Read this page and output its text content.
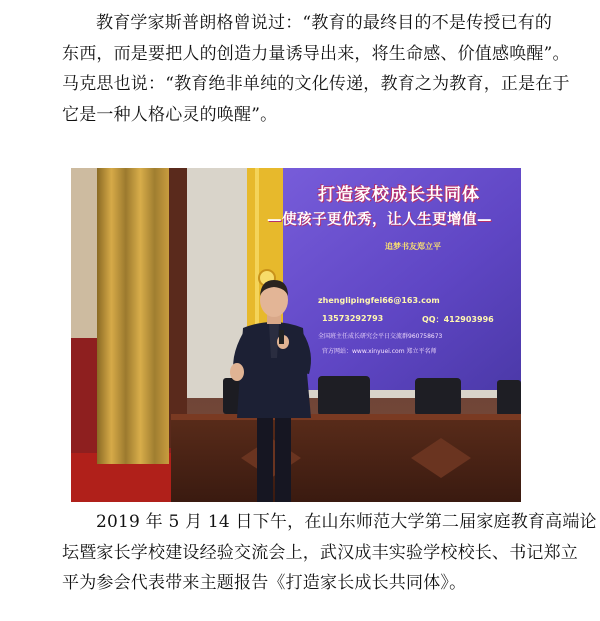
教育学家斯普朗格曾说过：“教育的最终目的不是传授已有的
东西，而是要把人的创造力量诱导出来，将生命感、价值感唤醒”。
马克思也说：“教育绝非单纯的文化传递，教育之为教育，正是在于
它是一种人格心灵的唤醒”。
打造家校成长共同体
—使孩子更优秀，让人生更增值—
追梦书友郑立平
zhenglipingfei66@163.com
13573292793	QQ：412903996
全国班主任成长研究会平日交流群960758673
官方网站：www.xinyuei.com 郑立平名师
2019 年 5 月 14 日下午，在山东师范大学第二届家庭教育高端论
坛暨家长学校建设经验交流会上，武汉成丰实验学校校长、书记郑立
平为参会代表带来主题报告《打造家长成长共同体》。
